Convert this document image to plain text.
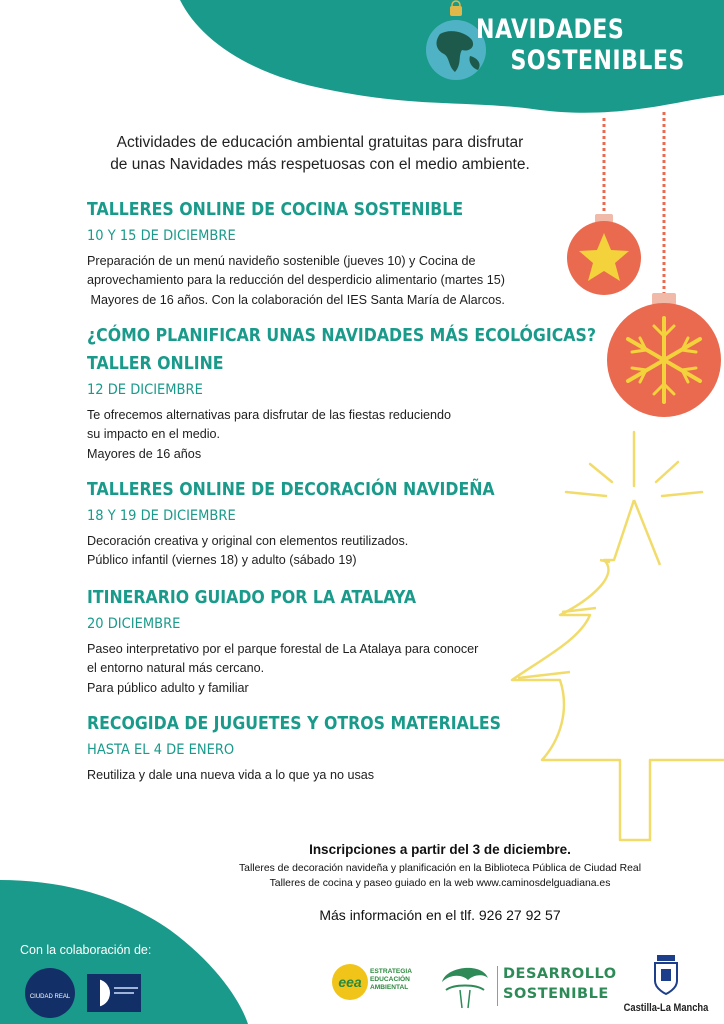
NAVIDADES
SOSTENIBLES
Actividades de educación ambiental gratuitas para disfrutar
de unas Navidades más respetuosas con el medio ambiente.
TALLERES ONLINE DE COCINA SOSTENIBLE
10 Y 15 DE DICIEMBRE
Preparación de un menú navideño sostenible (jueves 10) y Cocina de
aprovechamiento para la reducción del desperdicio alimentario (martes 15)
Mayores de 16 años. Con la colaboración del IES Santa María de Alarcos.
¿CÓMO PLANIFICAR UNAS NAVIDADES MÁS ECOLÓGICAS?
TALLER ONLINE
12 DE DICIEMBRE
Te ofrecemos alternativas para disfrutar de las fiestas reduciendo
su impacto en el medio.
Mayores de 16 años
TALLERES ONLINE DE DECORACIÓN NAVIDEÑA
18 Y 19 DE DICIEMBRE
Decoración creativa y original con elementos reutilizados.
Público infantil (viernes 18) y adulto (sábado 19)
ITINERARIO GUIADO POR LA ATALAYA
20 DICIEMBRE
Paseo interpretativo por el parque forestal de La Atalaya para conocer
el entorno natural más cercano.
Para público adulto y familiar
RECOGIDA DE JUGUETES Y OTROS MATERIALES
HASTA EL 4 DE ENERO
Reutiliza y dale una nueva vida a lo que ya no usas
Inscripciones a partir del 3 de diciembre.
Talleres de decoración navideña y planificación en la Biblioteca Pública de Ciudad Real
Talleres de cocina y paseo guiado en la web www.caminosdelguadiana.es
Más información en el tlf. 926 27 92 57
Con la colaboración de:
CIUDAD REAL
eea
ESTRATEGIA
EDUCACIÓN
AMBIENTAL
DESARROLLO
SOSTENIBLE
Castilla-La Mancha
